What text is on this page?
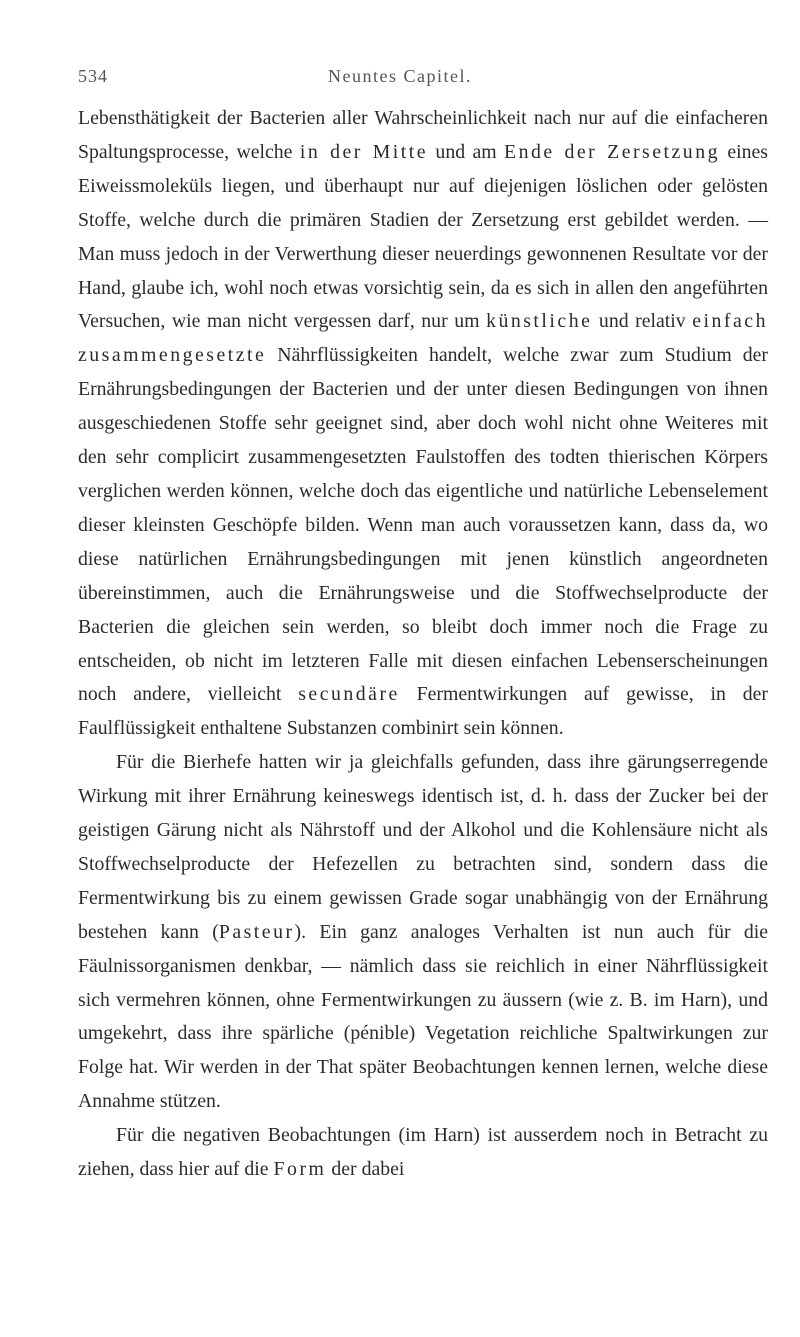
534	Neuntes Capitel.

Lebensthätigkeit der Bacterien aller Wahrscheinlichkeit nach nur auf die einfacheren Spaltungsprocesse, welche in der Mitte und am Ende der Zersetzung eines Eiweissmoleküls liegen, und überhaupt nur auf diejenigen löslichen oder gelösten Stoffe, welche durch die primären Stadien der Zersetzung erst gebildet werden. — Man muss jedoch in der Verwerthung dieser neuerdings gewonnenen Resultate vor der Hand, glaube ich, wohl noch etwas vorsichtig sein, da es sich in allen den angeführten Versuchen, wie man nicht vergessen darf, nur um künstliche und relativ einfach zusammengesetzte Nährflüssigkeiten handelt, welche zwar zum Studium der Ernährungsbedingungen der Bacterien und der unter diesen Bedingungen von ihnen ausgeschiedenen Stoffe sehr geeignet sind, aber doch wohl nicht ohne Weiteres mit den sehr complicirt zusammengesetzten Faulstoffen des todten thierischen Körpers verglichen werden können, welche doch das eigentliche und natürliche Lebenselement dieser kleinsten Geschöpfe bilden. Wenn man auch voraussetzen kann, dass da, wo diese natürlichen Ernährungsbedingungen mit jenen künstlich angeordneten übereinstimmen, auch die Ernährungsweise und die Stoffwechselproducte der Bacterien die gleichen sein werden, so bleibt doch immer noch die Frage zu entscheiden, ob nicht im letzteren Falle mit diesen einfachen Lebenserscheinungen noch andere, vielleicht secundäre Fermentwirkungen auf gewisse, in der Faulflüssigkeit enthaltene Substanzen combinirt sein können.

Für die Bierhefe hatten wir ja gleichfalls gefunden, dass ihre gärungserregende Wirkung mit ihrer Ernährung keineswegs identisch ist, d. h. dass der Zucker bei der geistigen Gärung nicht als Nährstoff und der Alkohol und die Kohlensäure nicht als Stoffwechselproducte der Hefezellen zu betrachten sind, sondern dass die Fermentwirkung bis zu einem gewissen Grade sogar unabhängig von der Ernährung bestehen kann (Pasteur). Ein ganz analoges Verhalten ist nun auch für die Fäulnissorganismen denkbar, — nämlich dass sie reichlich in einer Nährflüssigkeit sich vermehren können, ohne Fermentwirkungen zu äussern (wie z. B. im Harn), und umgekehrt, dass ihre spärliche (pénible) Vegetation reichliche Spaltwirkungen zur Folge hat. Wir werden in der That später Beobachtungen kennen lernen, welche diese Annahme stützen.

Für die negativen Beobachtungen (im Harn) ist ausserdem noch in Betracht zu ziehen, dass hier auf die Form der dabei
